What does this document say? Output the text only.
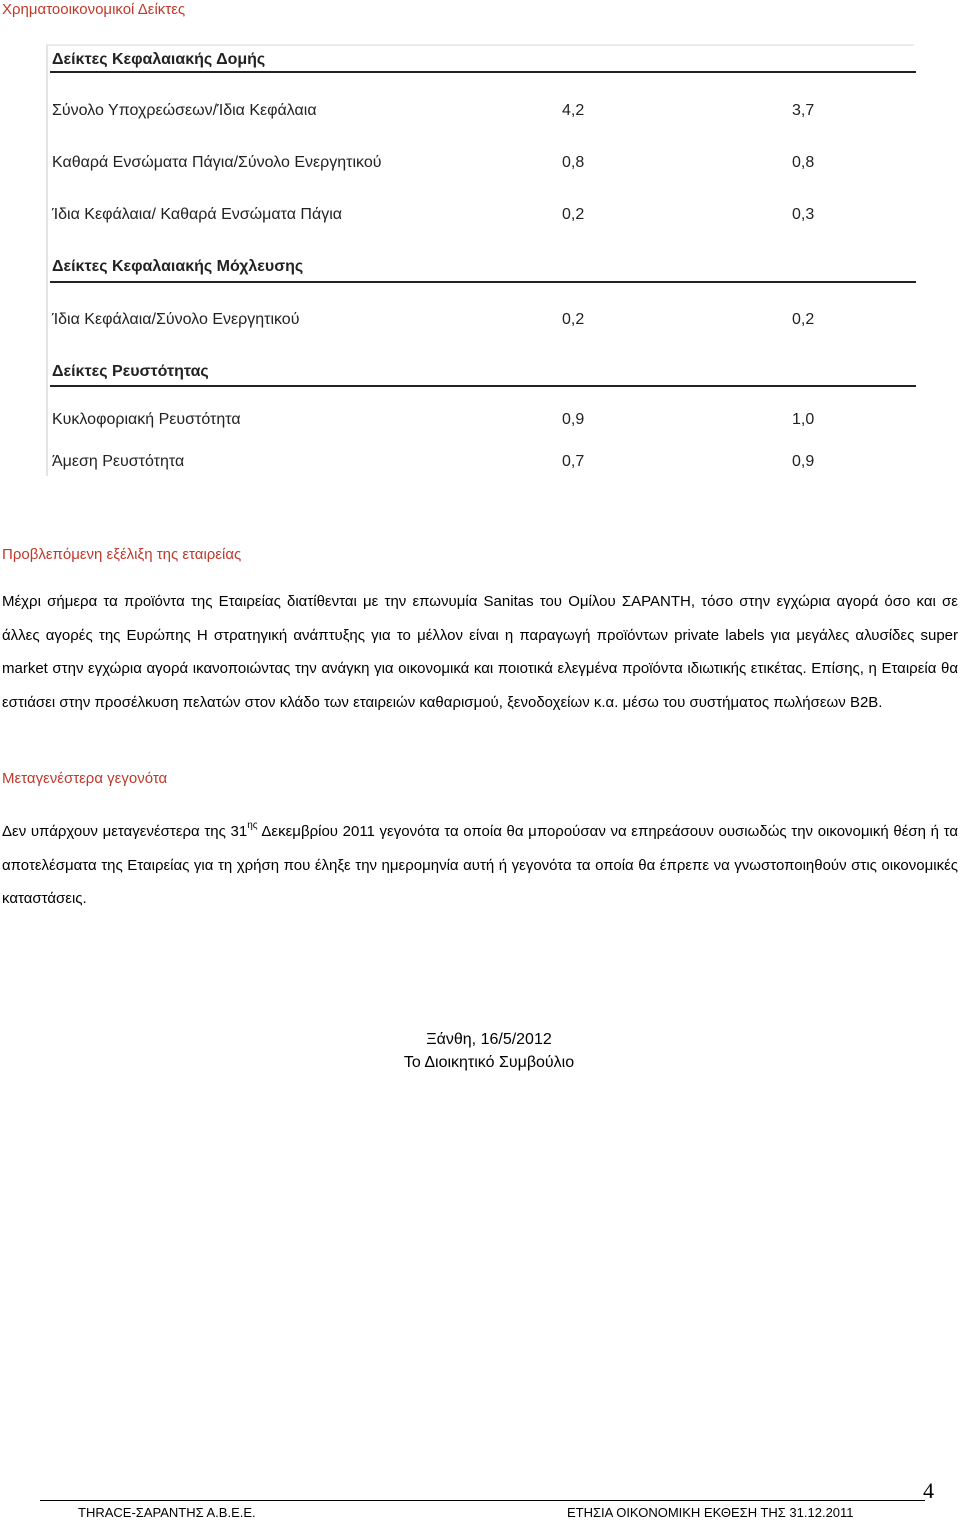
Χρηματοοικονομικοί Δείκτες
Δείκτες Κεφαλαιακής Δομής
Σύνολο Υποχρεώσεων/Ίδια Κεφάλαια	4,2	3,7
Καθαρά Ενσώματα Πάγια/Σύνολο Ενεργητικού	0,8	0,8
Ίδια Κεφάλαια/ Καθαρά Ενσώματα Πάγια	0,2	0,3
Δείκτες Κεφαλαιακής Μόχλευσης
Ίδια Κεφάλαια/Σύνολο Ενεργητικού	0,2	0,2
Δείκτες Ρευστότητας
Κυκλοφοριακή Ρευστότητα	0,9	1,0
Άμεση Ρευστότητα	0,7	0,9
Προβλεπόμενη εξέλιξη της εταιρείας

Μέχρι σήμερα τα προϊόντα της Εταιρείας διατίθενται με την επωνυμία Sanitas του Ομίλου ΣΑΡΑΝΤΗ, τόσο στην εγχώρια αγορά όσο και σε άλλες αγορές της Ευρώπης Η στρατηγική ανάπτυξης για το μέλλον είναι η παραγωγή προϊόντων private labels για μεγάλες αλυσίδες super market στην εγχώρια αγορά ικανοποιώντας την ανάγκη για οικονομικά και ποιοτικά ελεγμένα προϊόντα ιδιωτικής ετικέτας. Επίσης, η Εταιρεία θα εστιάσει στην προσέλκυση πελατών στον κλάδο των εταιρειών καθαρισμού, ξενοδοχείων κ.α. μέσω του συστήματος πωλήσεων B2B.

Μεταγενέστερα γεγονότα

Δεν υπάρχουν μεταγενέστερα της $31^{\eta\varsigma}$ Δεκεμβρίου 2011 γεγονότα τα οποία θα μπορούσαν να επηρεάσουν ουσιωδώς την οικονομική θέση ή τα αποτελέσματα της Εταιρείας για τη χρήση που έληξε την ημερομηνία αυτή ή γεγονότα τα οποία θα έπρεπε να γνωστοποιηθούν στις οικονομικές καταστάσεις.

Ξάνθη, 16/5/2012
Το Διοικητικό Συμβούλιο
4
THRACE-ΣΑΡΑΝΤΗΣ Α.Β.Ε.Ε.	ΕΤΗΣΙΑ ΟΙΚΟΝΟΜΙΚΗ ΕΚΘΕΣΗ ΤΗΣ 31.12.2011
